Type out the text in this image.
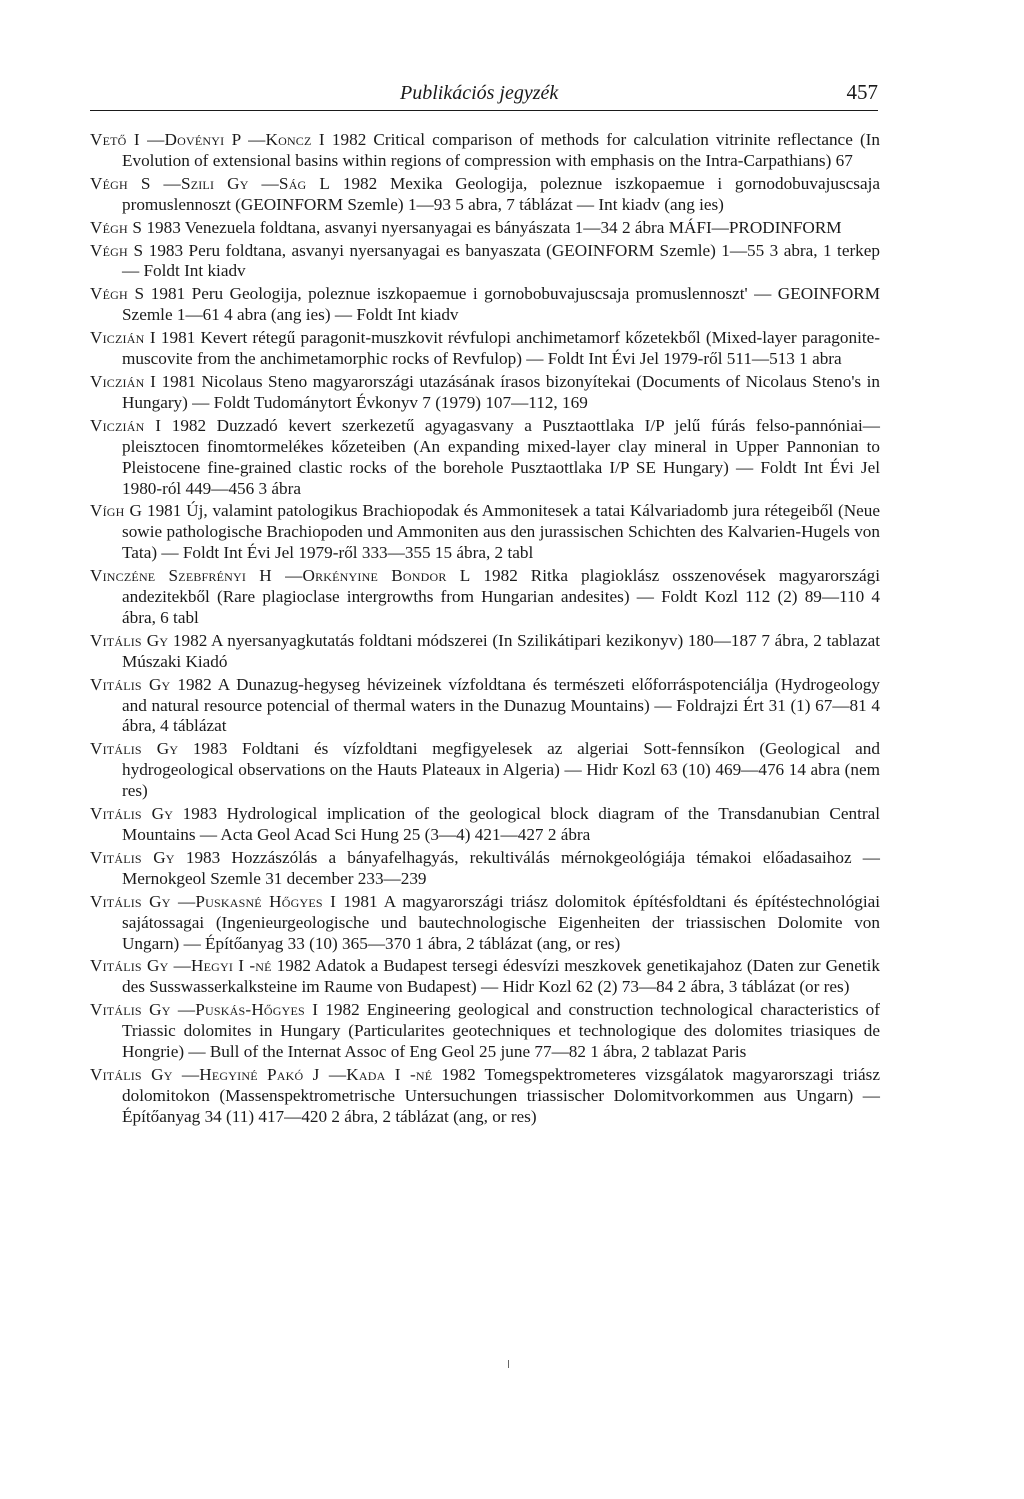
Publikációs jegyzék	457

Vető I —Dovényi P —Koncz I 1982 Critical comparison of methods for calculation vitrinite reflectance (In Evolution of extensional basins within regions of compression with emphasis on the Intra-Carpathians) 67

Végh S —Szili Gy —Ság L 1982 Mexika Geologija, poleznue iszkopaemue i gornodobuvajuscsaja promuslennoszt (GEOINFORM Szemle) 1—93 5 abra, 7 táblázat — Int kiadv (ang ies)

Végh S 1983 Venezuela foldtana, asvanyi nyersanyagai es bányászata 1—34 2 ábra MÁFI—PRODINFORM

Végh S 1983 Peru foldtana, asvanyi nyersanyagai es banyaszata (GEOINFORM Szemle) 1—55 3 abra, 1 terkep — Foldt Int kiadv

Végh S 1981 Peru Geologija, poleznue iszkopaemue i gornobobuvajuscsaja promuslennoszt' — GEOINFORM Szemle 1—61 4 abra (ang ies) — Foldt Int kiadv

Viczián I 1981 Kevert rétegű paragonit-muszkovit révfulopi anchimetamorf kőzetekből (Mixed-layer paragonite-muscovite from the anchimetamorphic rocks of Revfulop) — Foldt Int Évi Jel 1979-ről 511—513 1 abra

Viczián I 1981 Nicolaus Steno magyarországi utazásának írasos bizonyítekai (Documents of Nicolaus Steno's in Hungary) — Foldt Tudománytort Évkonyv 7 (1979) 107—112, 169

Viczián I 1982 Duzzadó kevert szerkezetű agyagasvany a Pusztaottlaka I/P jelű fúrás felso-pannóniai—pleisztocen finomtormelékes kőzeteiben (An expanding mixed-layer clay mineral in Upper Pannonian to Pleistocene fine-grained clastic rocks of the borehole Pusztaottlaka I/P SE Hungary) — Foldt Int Évi Jel 1980-ról 449—456 3 ábra

Vígh G 1981 Új, valamint patologikus Brachiopodak és Ammonitesek a tatai Kálvariadomb jura rétegeiből (Neue sowie pathologische Brachiopoden und Ammoniten aus den jurassischen Schichten des Kalvarien-Hugels von Tata) — Foldt Int Évi Jel 1979-ről 333—355 15 ábra, 2 tabl

Vinczéne Szebfrényi H —Orkényine Bondor L 1982 Ritka plagioklász osszenovések magyarországi andezitekből (Rare plagioclase intergrowths from Hungarian andesites) — Foldt Kozl 112 (2) 89—110 4 ábra, 6 tabl

Vitális Gy 1982 A nyersanyagkutatás foldtani módszerei (In Szilikátipari kezikonyv) 180—187 7 ábra, 2 tablazat Múszaki Kiadó

Vitális Gy 1982 A Dunazug-hegyseg hévizeinek vízfoldtana és természeti előforráspotenciálja (Hydrogeology and natural resource potencial of thermal waters in the Dunazug Mountains) — Foldrajzi Ért 31 (1) 67—81 4 ábra, 4 táblázat

Vitális Gy 1983 Foldtani és vízfoldtani megfigyelesek az algeriai Sott-fennsíkon (Geological and hydrogeological observations on the Hauts Plateaux in Algeria) — Hidr Kozl 63 (10) 469—476 14 abra (nem res)

Vitális Gy 1983 Hydrological implication of the geological block diagram of the Transdanubian Central Mountains — Acta Geol Acad Sci Hung 25 (3—4) 421—427 2 ábra

Vitális Gy 1983 Hozzászólás a bányafelhagyás, rekultiválás mérnokgeológiája témakoi előadasaihoz — Mernokgeol Szemle 31 december 233—239

Vitális Gy —Puskasné Hőgyes I 1981 A magyarországi triász dolomitok építésfoldtani és építéstechnológiai sajátossagai (Ingenieurgeologische und bautechnologische Eigenheiten der triassischen Dolomite von Ungarn) — Építőanyag 33 (10) 365—370 1 ábra, 2 táblázat (ang, or res)

Vitális Gy —Hegyi I -né 1982 Adatok a Budapest tersegi édesvízi meszkovek genetikajahoz (Daten zur Genetik des Susswasserkalksteine im Raume von Budapest) — Hidr Kozl 62 (2) 73—84 2 ábra, 3 táblázat (or res)

Vitális Gy —Puskás-Hőgyes I 1982 Engineering geological and construction technological characteristics of Triassic dolomites in Hungary (Particularites geotechniques et technologique des dolomites triasiques de Hongrie) — Bull of the Internat Assoc of Eng Geol 25 june 77—82 1 ábra, 2 tablazat Paris

Vitális Gy —Hegyiné Pakó J —Kada I -né 1982 Tomegspektrometeres vizsgálatok magyarorszagi triász dolomitokon (Massenspektrometrische Untersuchungen triassischer Dolomitvorkommen aus Ungarn) — Építőanyag 34 (11) 417—420 2 ábra, 2 táblázat (ang, or res)
